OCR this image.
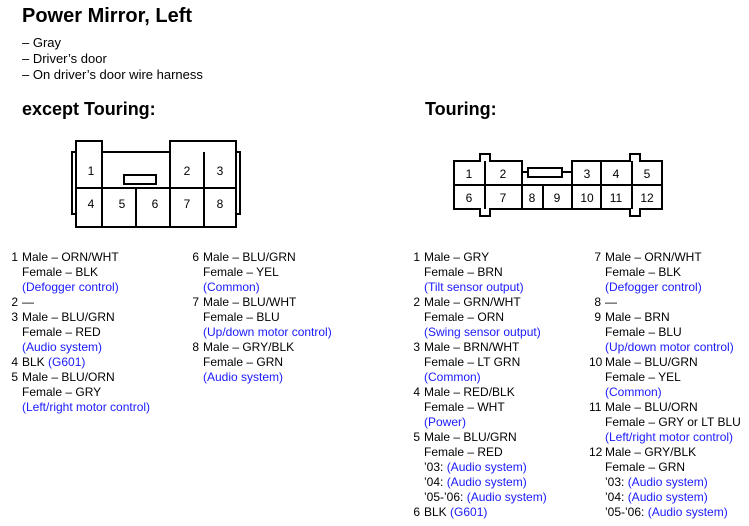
Power Mirror, Left
– Gray
– Driver’s door
– On driver’s door wire harness
except Touring:	Touring:
1	2 3
4 5 6 7 8
1 2	3 4 5
6 7 8 9 10 11 12
1 Male – ORN/WHT
Female – BLK
(Defogger control)
2 —
3 Male – BLU/GRN
Female – RED
(Audio system)
4 BLK (G601)
5 Male – BLU/ORN
Female – GRY
(Left/right motor control)
6 Male – BLU/GRN
Female – YEL
(Common)
7 Male – BLU/WHT
Female – BLU
(Up/down motor control)
8 Male – GRY/BLK
Female – GRN
(Audio system)
1 Male – GRY
Female – BRN
(Tilt sensor output)
2 Male – GRN/WHT
Female – ORN
(Swing sensor output)
3 Male – BRN/WHT
Female – LT GRN
(Common)
4 Male – RED/BLK
Female – WHT
(Power)
5 Male – BLU/GRN
Female – RED
’03: (Audio system)
’04: (Audio system)
’05-’06: (Audio system)
6 BLK (G601)
7 Male – ORN/WHT
Female – BLK
(Defogger control)
8 —
9 Male – BRN
Female – BLU
(Up/down motor control)
10 Male – BLU/GRN
Female – YEL
(Common)
11 Male – BLU/ORN
Female – GRY or LT BLU
(Left/right motor control)
12 Male – GRY/BLK
Female – GRN
’03: (Audio system)
’04: (Audio system)
’05-’06: (Audio system)
